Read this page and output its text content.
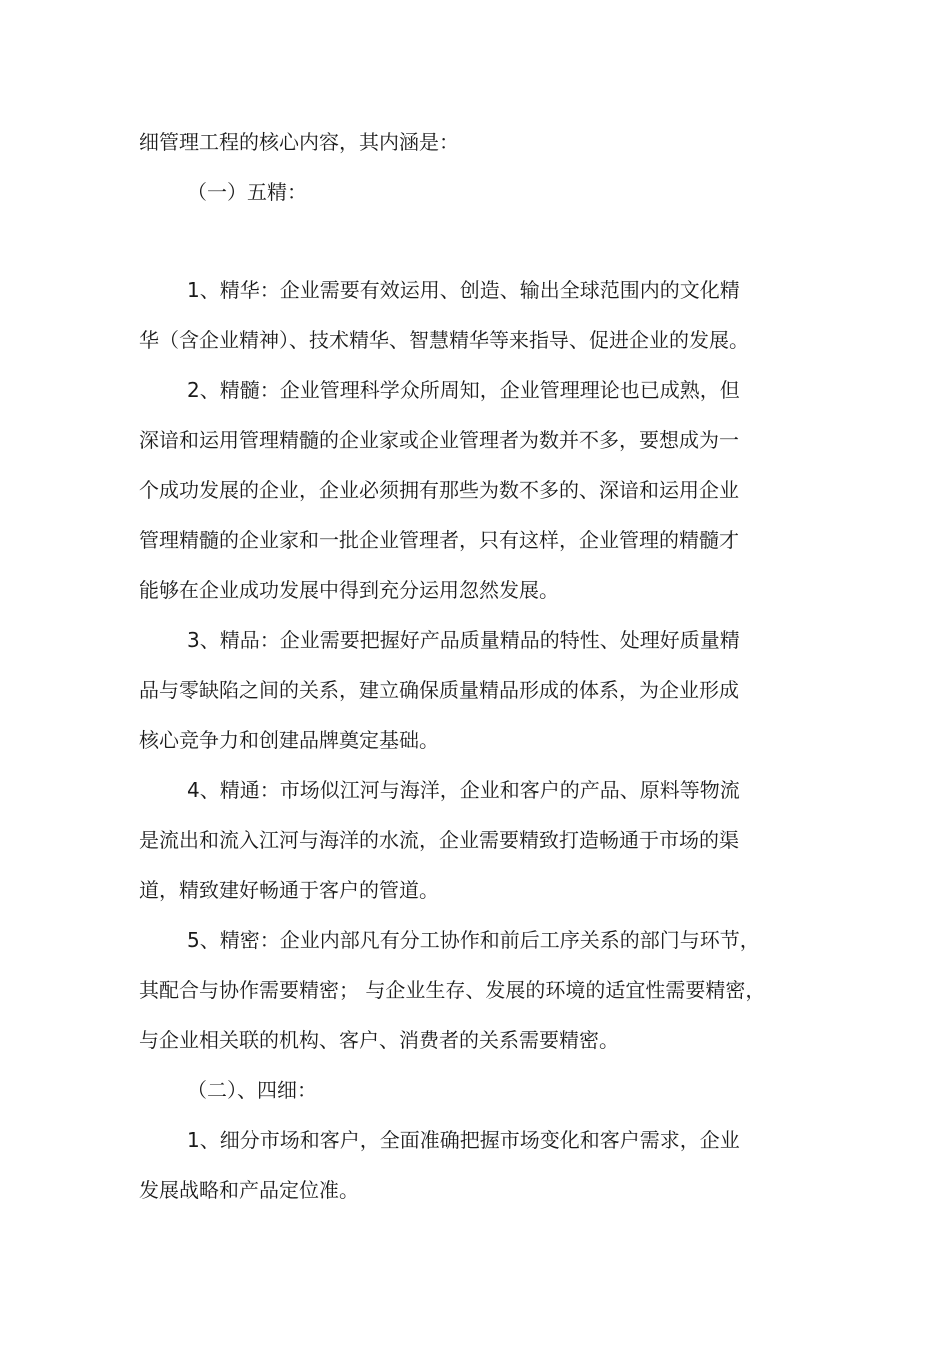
细管理工程的核心内容，其内涵是：

（一）五精：

1、精华：企业需要有效运用、创造、输出全球范围内的文化精

华（含企业精神）、技术精华、智慧精华等来指导、促进企业的发展。

2、精髓：企业管理科学众所周知，企业管理理论也已成熟，但

深谙和运用管理精髓的企业家或企业管理者为数并不多，要想成为一

个成功发展的企业，企业必须拥有那些为数不多的、深谙和运用企业

管理精髓的企业家和一批企业管理者，只有这样，企业管理的精髓才

能够在企业成功发展中得到充分运用忽然发展。

3、精品：企业需要把握好产品质量精品的特性、处理好质量精

品与零缺陷之间的关系，建立确保质量精品形成的体系，为企业形成

核心竞争力和创建品牌奠定基础。

4、精通：市场似江河与海洋，企业和客户的产品、原料等物流

是流出和流入江河与海洋的水流，企业需要精致打造畅通于市场的渠

道，精致建好畅通于客户的管道。

5、精密：企业内部凡有分工协作和前后工序关系的部门与环节，

其配合与协作需要精密； 与企业生存、发展的环境的适宜性需要精密，

与企业相关联的机构、客户、消费者的关系需要精密。

（二）、四细：

1、细分市场和客户，全面准确把握市场变化和客户需求，企业

发展战略和产品定位准。
